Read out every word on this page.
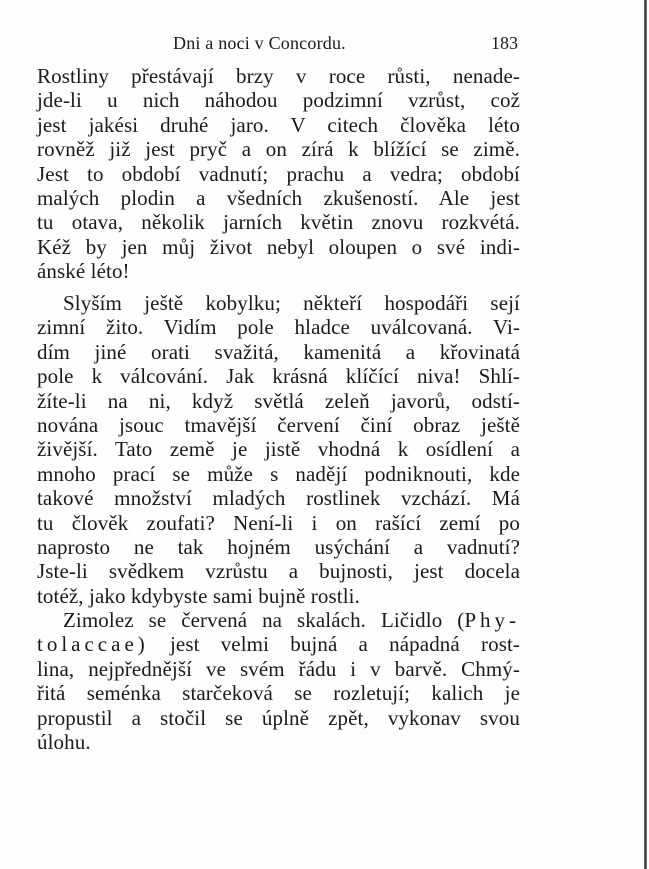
Dni a noci v Concordu.	183
Rostliny přestávají brzy v roce růsti, nenade-
jde-li u nich náhodou podzimní vzrůst, což
jest jakési druhé jaro. V citech člověka léto
rovněž již jest pryč a on zírá k blížící se zimě.
Jest to období vadnutí; prachu a vedra; období
malých plodin a všedních zkušeností. Ale jest
tu otava, několik jarních květin znovu rozkvétá.
Kéž by jen můj život nebyl oloupen o své indi-
ánské léto!
Slyším ještě kobylku; někteří hospodáři sejí
zimní žito. Vidím pole hladce uválcovaná. Vi-
dím jiné orati svažitá, kamenitá a křovinatá
pole k válcování. Jak krásná klíčící niva! Shlí-
žíte-li na ni, když světlá zeleň javorů, odstí-
nována jsouc tmavější červení činí obraz ještě
živější. Tato země je jistě vhodná k osídlení a
mnoho prací se může s nadějí podniknouti, kde
takové množství mladých rostlinek vzchází. Má
tu člověk zoufati? Není-li i on rašící zemí po
naprosto ne tak hojném usýchání a vadnutí?
Jste-li svědkem vzrůstu a bujnosti, jest docela
totéž, jako kdybyste sami bujně rostli.
Zimolez se červená na skalách. Ličidlo (Phy-
tolaccae) jest velmi bujná a nápadná rost-
lina, nejpřednější ve svém řádu i v barvě. Chmý-
řitá seménka starčeková se rozletují; kalich je
propustil a stočil se úplně zpět, vykonav svou
úlohu.
